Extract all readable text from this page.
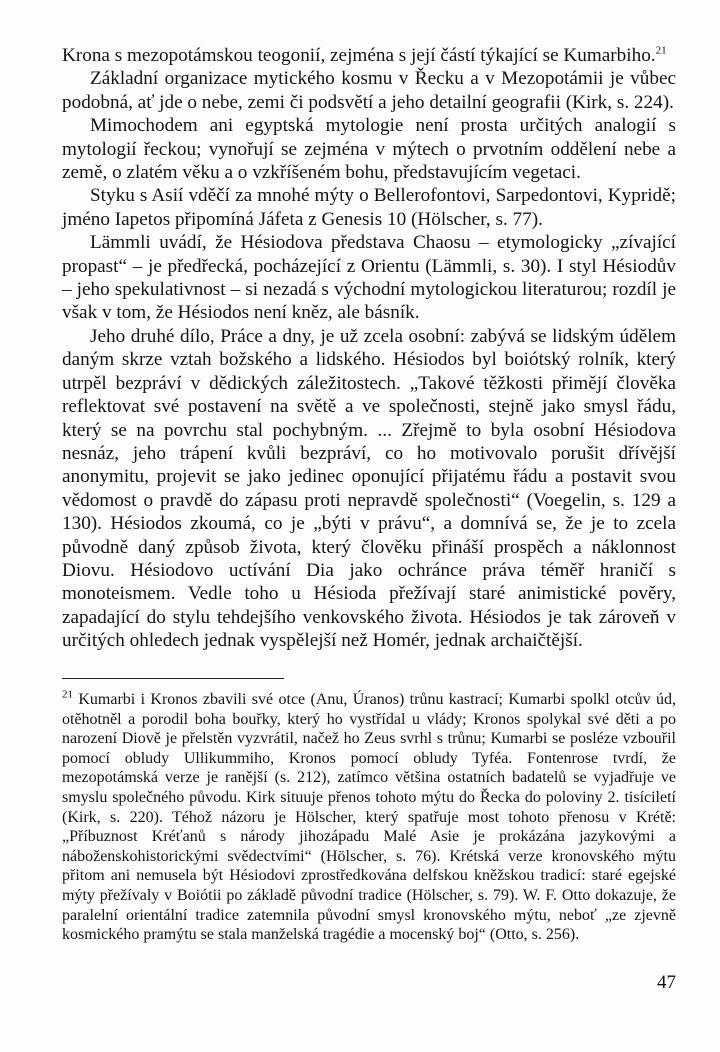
Krona s mezopotámskou teogonií, zejména s její částí týkající se Kumarbiho.$^{21}$

Základní organizace mytického kosmu v Řecku a v Mezopotámii je vůbec podobná, ať jde o nebe, zemi či podsvětí a jeho detailní geografii (Kirk, s. 224).

Mimochodem ani egyptská mytologie není prosta určitých analogií s mytologií řeckou; vynořují se zejména v mýtech o prvotním oddělení nebe a země, o zlatém věku a o vzkříšeném bohu, představujícím vegetaci.

Styku s Asií vděčí za mnohé mýty o Bellerofontovi, Sarpedontovi, Kypridě; jméno Iapetos připomíná Jáfeta z Genesis 10 (Hölscher, s. 77).

Lämmli uvádí, že Hésiodova představa Chaosu – etymologicky „zívající propast“ – je předřecká, pocházející z Orientu (Lämmli, s. 30). I styl Hésiodův – jeho spekulativnost – si nezadá s východní mytologickou literaturou; rozdíl je však v tom, že Hésiodos není kněz, ale básník.

Jeho druhé dílo, Práce a dny, je už zcela osobní: zabývá se lidským údělem daným skrze vztah božského a lidského. Hésiodos byl boiótský rolník, který utrpěl bezpráví v dědických záležitostech. „Takové těžkosti přimějí člověka reflektovat své postavení na světě a ve společnosti, stejně jako smysl řádu, který se na povrchu stal pochybným. ... Zřejmě to byla osobní Hésiodova nesnáz, jeho trápení kvůli bezpráví, co ho motivovalo porušit dřívější anonymitu, projevit se jako jedinec oponující přijatému řádu a postavit svou vědomost o pravdě do zápasu proti nepravdě společnosti“ (Voegelin, s. 129 a 130). Hésiodos zkoumá, co je „býti v právu“, a domnívá se, že je to zcela původně daný způsob života, který člověku přináší prospěch a náklonnost Diovu. Hésiodovo uctívání Dia jako ochránce práva téměř hraničí s monoteismem. Vedle toho u Hésioda přežívají staré animistické pověry, zapadající do stylu tehdejšího venkovského života. Hésiodos je tak zároveň v určitých ohledech jednak vyspělejší než Homér, jednak archaičtější.

$^{21}$ Kumarbi i Kronos zbavili své otce (Anu, Úranos) trůnu kastrací; Kumarbi spolkl otcův úd, otěhotněl a porodil boha bouřky, který ho vystřídal u vlády; Kronos spolykal své děti a po narození Diově je přelstěn vyzvrátil, načež ho Zeus svrhl s trůnu; Kumarbi se posléze vzbouřil pomocí obludy Ullikummiho, Kronos pomocí obludy Tyféa. Fontenrose tvrdí, že mezopotámská verze je ranější (s. 212), zatímco většina ostatních badatelů se vyjadřuje ve smyslu společného původu. Kirk situuje přenos tohoto mýtu do Řecka do poloviny 2. tisíciletí (Kirk, s. 220). Téhož názoru je Hölscher, který spatřuje most tohoto přenosu v Krétě: „Příbuznost Kréťanů s národy jihozápadu Malé Asie je prokázána jazykovými a náboženskohistorickými svědectvími“ (Hölscher, s. 76). Krétská verze kronovského mýtu přitom ani nemusela být Hésiodovi zprostředkována delfskou kněžskou tradicí: staré egejské mýty přežívaly v Boiótii po základě původní tradice (Hölscher, s. 79). W. F. Otto dokazuje, že paralelní orientální tradice zatemnila původní smysl kronovského mýtu, neboť „ze zjevně kosmického pramýtu se stala manželská tragédie a mocenský boj“ (Otto, s. 256).

47
